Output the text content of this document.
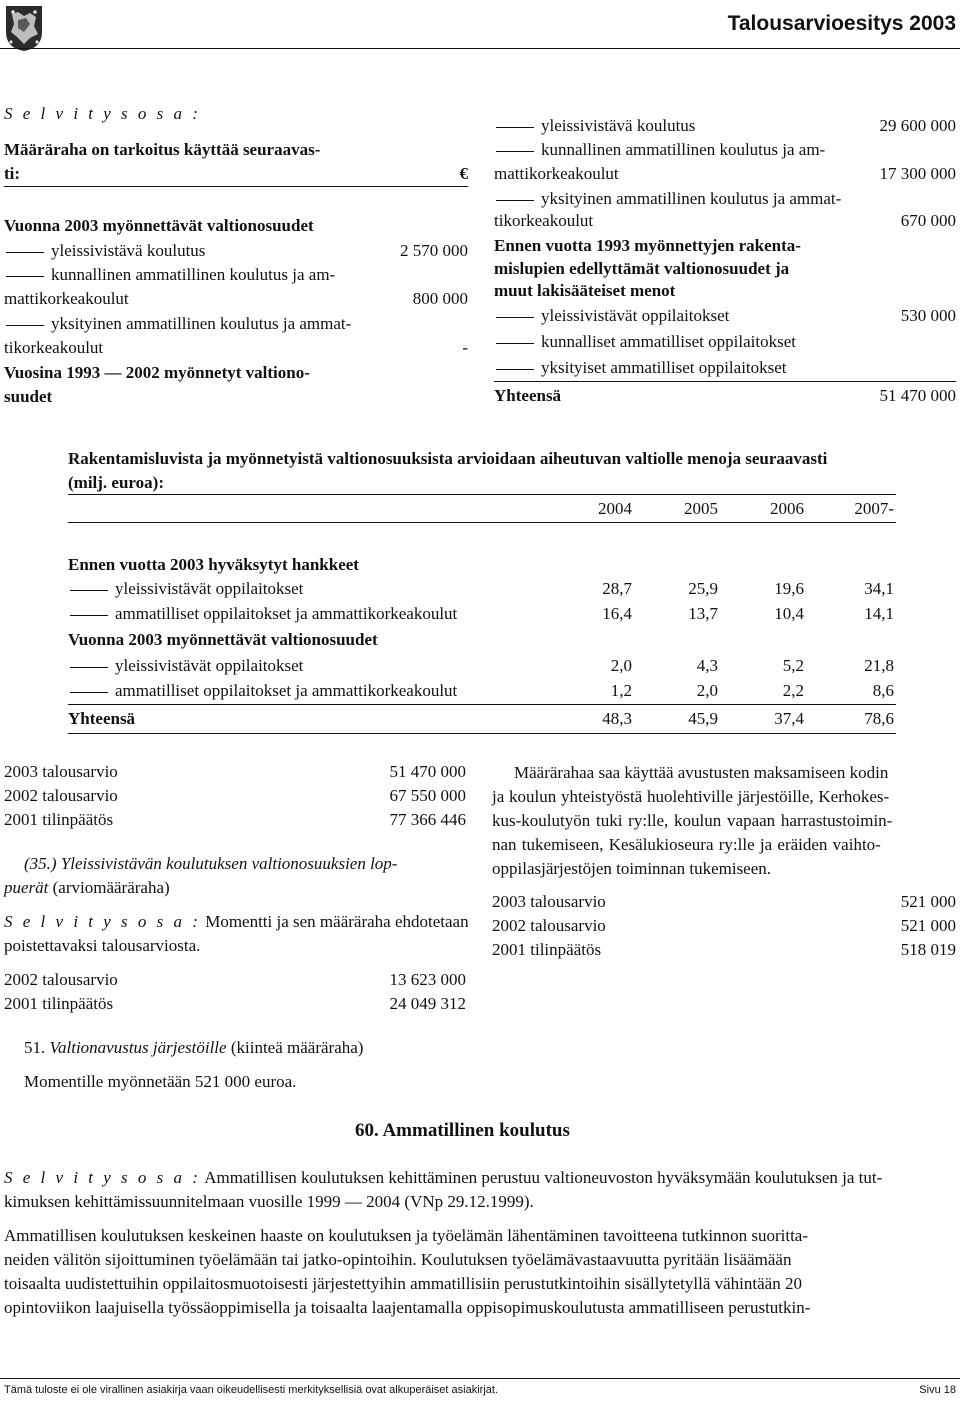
Talousarvioesitys 2003
S e l v i t y s o s a :
Määräraha on tarkoitus käyttää seuraavas-
ti:	€
Vuonna 2003 myönnettävät valtionosuudet
yleissivistävä koulutus	2 570 000
kunnallinen ammatillinen koulutus ja am-
mattikorkeakoulut	800 000
yksityinen ammatillinen koulutus ja ammat-
tikorkeakoulut	-
Vuosina 1993 — 2002 myönnetyt valtiono-
suudet
yleissivistävä koulutus	29 600 000
kunnallinen ammatillinen koulutus ja am-
mattikorkeakoulut	17 300 000
yksityinen ammatillinen koulutus ja ammat-
tikorkeakoulut	670 000
Ennen vuotta 1993 myönnettyjen rakenta-
mislupien edellyttämät valtionosuudet ja
muut lakisääteiset menot
yleissivistävät oppilaitokset	530 000
kunnalliset ammatilliset oppilaitokset
yksityiset ammatilliset oppilaitokset
Yhteensä	51 470 000
Rakentamisluvista ja myönnetyistä valtionosuuksista arvioidaan aiheutuvan valtiolle menoja seuraavasti
(milj. euroa):
2004	2005	2006	2007-
Ennen vuotta 2003 hyväksytyt hankkeet
yleissivistävät oppilaitokset	28,7	25,9	19,6	34,1
ammatilliset oppilaitokset ja ammattikorkeakoulut	16,4	13,7	10,4	14,1
Vuonna 2003 myönnettävät valtionosuudet
yleissivistävät oppilaitokset	2,0	4,3	5,2	21,8
ammatilliset oppilaitokset ja ammattikorkeakoulut	1,2	2,0	2,2	8,6
Yhteensä	48,3	45,9	37,4	78,6
2003 talousarvio	51 470 000
2002 talousarvio	67 550 000
2001 tilinpäätös	77 366 446
(35.) Yleissivistävän koulutuksen valtionosuuksien lop-
puerät (arviomääräraha)
S e l v i t y s o s a : Momentti ja sen määräraha ehdotetaan
poistettavaksi talousarviosta.
2002 talousarvio	13 623 000
2001 tilinpäätös	24 049 312
51. Valtionavustus järjestöille (kiinteä määräraha)
Momentille myönnetään 521 000 euroa.
Määrärahaa saa käyttää avustusten maksamiseen kodin
ja koulun yhteistyöstä huolehtiville järjestöille, Kerhokes-
kus-koulutyön tuki ry:lle, koulun vapaan harrastustoimin-
nan tukemiseen, Kesälukioseura ry:lle ja eräiden vaihto-
oppilasjärjestöjen toiminnan tukemiseen.
2003 talousarvio	521 000
2002 talousarvio	521 000
2001 tilinpäätös	518 019
60. Ammatillinen koulutus
S e l v i t y s o s a : Ammatillisen koulutuksen kehittäminen perustuu valtioneuvoston hyväksymään koulutuksen ja tut-
kimuksen kehittämissuunnitelmaan vuosille 1999 — 2004 (VNp 29.12.1999).
Ammatillisen koulutuksen keskeinen haaste on koulutuksen ja työelämän lähentäminen tavoitteena tutkinnon suoritta-
neiden välitön sijoittuminen työelämään tai jatko-opintoihin. Koulutuksen työelämävastaavuutta pyritään lisäämään
toisaalta uudistettuihin oppilaitosmuotoisesti järjestettyihin ammatillisiin perustutkintoihin sisällytetyllä vähintään 20
opintoviikon laajuisella työssäoppimisella ja toisaalta laajentamalla oppisopimuskoulutusta ammatilliseen perustutkin-
Tämä tuloste ei ole virallinen asiakirja vaan oikeudellisesti merkityksellisiä ovat alkuperäiset asiakirjat.	Sivu 18
